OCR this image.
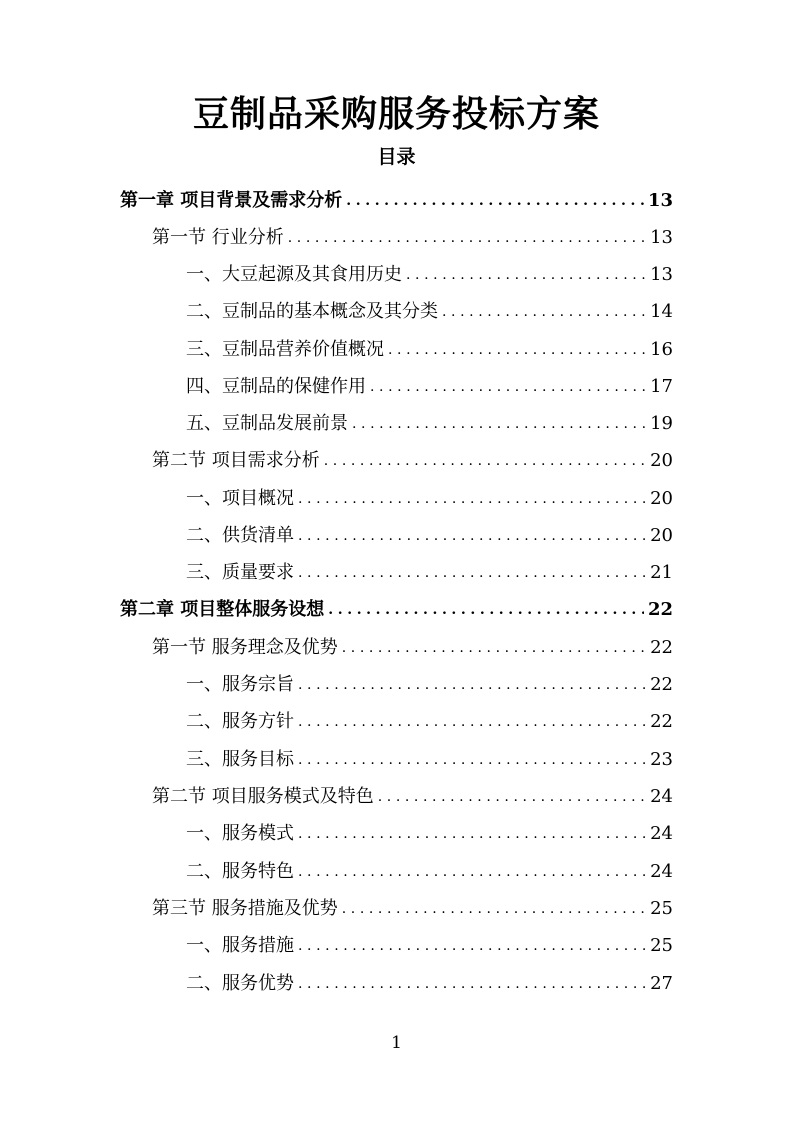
豆制品采购服务投标方案
目录
第一章 项目背景及需求分析 .....	13
第一节 行业分析 .....	13
一、大豆起源及其食用历史 .....	13
二、豆制品的基本概念及其分类 .....	14
三、豆制品营养价值概况 .....	16
四、豆制品的保健作用 .....	17
五、豆制品发展前景 .....	19
第二节 项目需求分析 .....	20
一、项目概况 .....	20
二、供货清单 .....	20
三、质量要求 .....	21
第二章 项目整体服务设想 .....	22
第一节 服务理念及优势 .....	22
一、服务宗旨 .....	22
二、服务方针 .....	22
三、服务目标 .....	23
第二节 项目服务模式及特色 .....	24
一、服务模式 .....	24
二、服务特色 .....	24
第三节 服务措施及优势 .....	25
一、服务措施 .....	25
二、服务优势 .....	27
1
